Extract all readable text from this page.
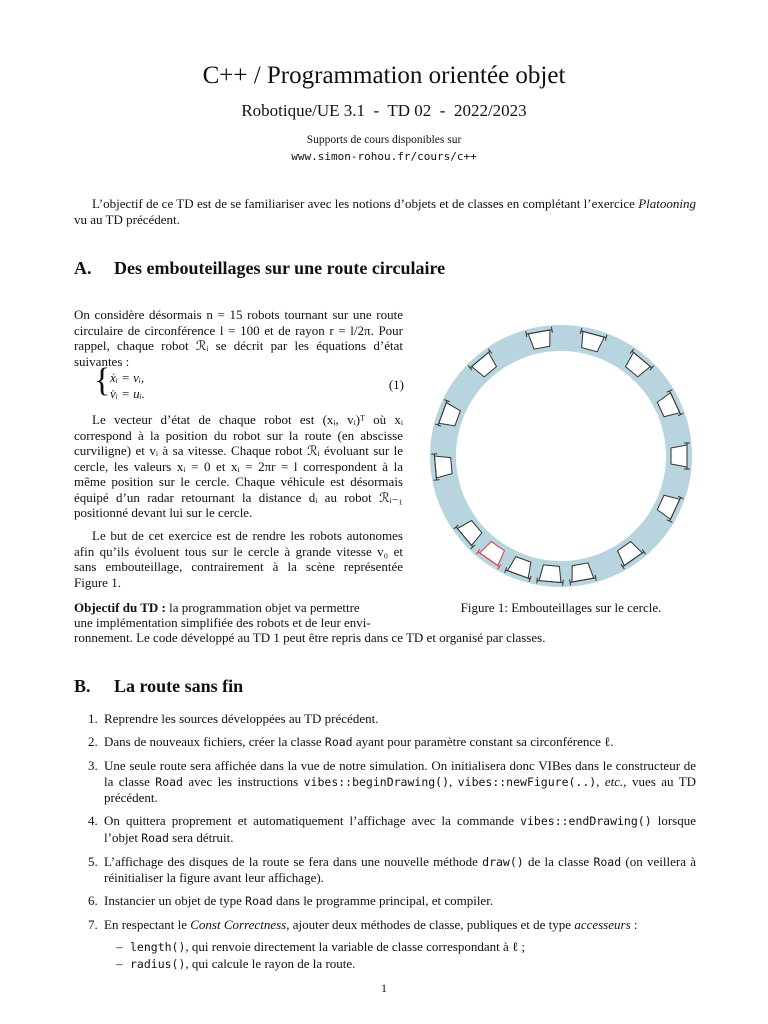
C++ / Programmation orientée objet
Robotique/UE 3.1  -  TD 02  -  2022/2023
Supports de cours disponibles sur
www.simon-rohou.fr/cours/c++

L’objectif de ce TD est de se familiariser avec les notions d’objets et de classes en complétant l’exercice Platooning vu au TD précédent.

A. Des embouteillages sur une route circulaire

On considère désormais n = 15 robots tournant sur une route circulaire de circonférence l = 100 et de rayon r = l/2π. Pour rappel, chaque robot ℛᵢ se décrit par les équations d’état suivantes :

{ ẋᵢ = vᵢ,
v̇ᵢ = uᵢ.
(1)

Le vecteur d’état de chaque robot est (xᵢ, vᵢ)ᵀ où xᵢ correspond à la position du robot sur la route (en abscisse curviligne) et vᵢ à sa vitesse. Chaque robot ℛᵢ évoluant sur le cercle, les valeurs xᵢ = 0 et xᵢ = 2πr = l correspondent à la même position sur le cercle. Chaque véhicule est désormais équipé d’un radar retournant la distance dᵢ au robot ℛᵢ₋₁ positionné devant lui sur le cercle.

Le but de cet exercice est de rendre les robots autonomes afin qu’ils évoluent tous sur le cercle à grande vitesse v₀ et sans embouteillage, contrairement à la scène représentée Figure 1.

Objectif du TD : la programmation objet va permettre

une implémentation simplifiée des robots et de leur envi-

ronnement. Le code développé au TD 1 peut être repris dans ce TD et organisé par classes.

Figure 1: Embouteillages sur le cercle.
B. La route sans fin
1. Reprendre les sources développées au TD précédent.
2. Dans de nouveaux fichiers, créer la classe Road ayant pour paramètre constant sa circonférence ℓ.
3. Une seule route sera affichée dans la vue de notre simulation. On initialisera donc VIBes dans le constructeur de la classe Road avec les instructions vibes::beginDrawing(), vibes::newFigure(..), etc., vues au TD précédent.
4. On quittera proprement et automatiquement l’affichage avec la commande vibes::endDrawing() lorsque l’objet Road sera détruit.
5. L’affichage des disques de la route se fera dans une nouvelle méthode draw() de la classe Road (on veillera à réinitialiser la figure avant leur affichage).
6. Instancier un objet de type Road dans le programme principal, et compiler.
7. En respectant le Const Correctness, ajouter deux méthodes de classe, publiques et de type accesseurs :
– length(), qui renvoie directement la variable de classe correspondant à ℓ ;
– radius(), qui calcule le rayon de la route.
1
